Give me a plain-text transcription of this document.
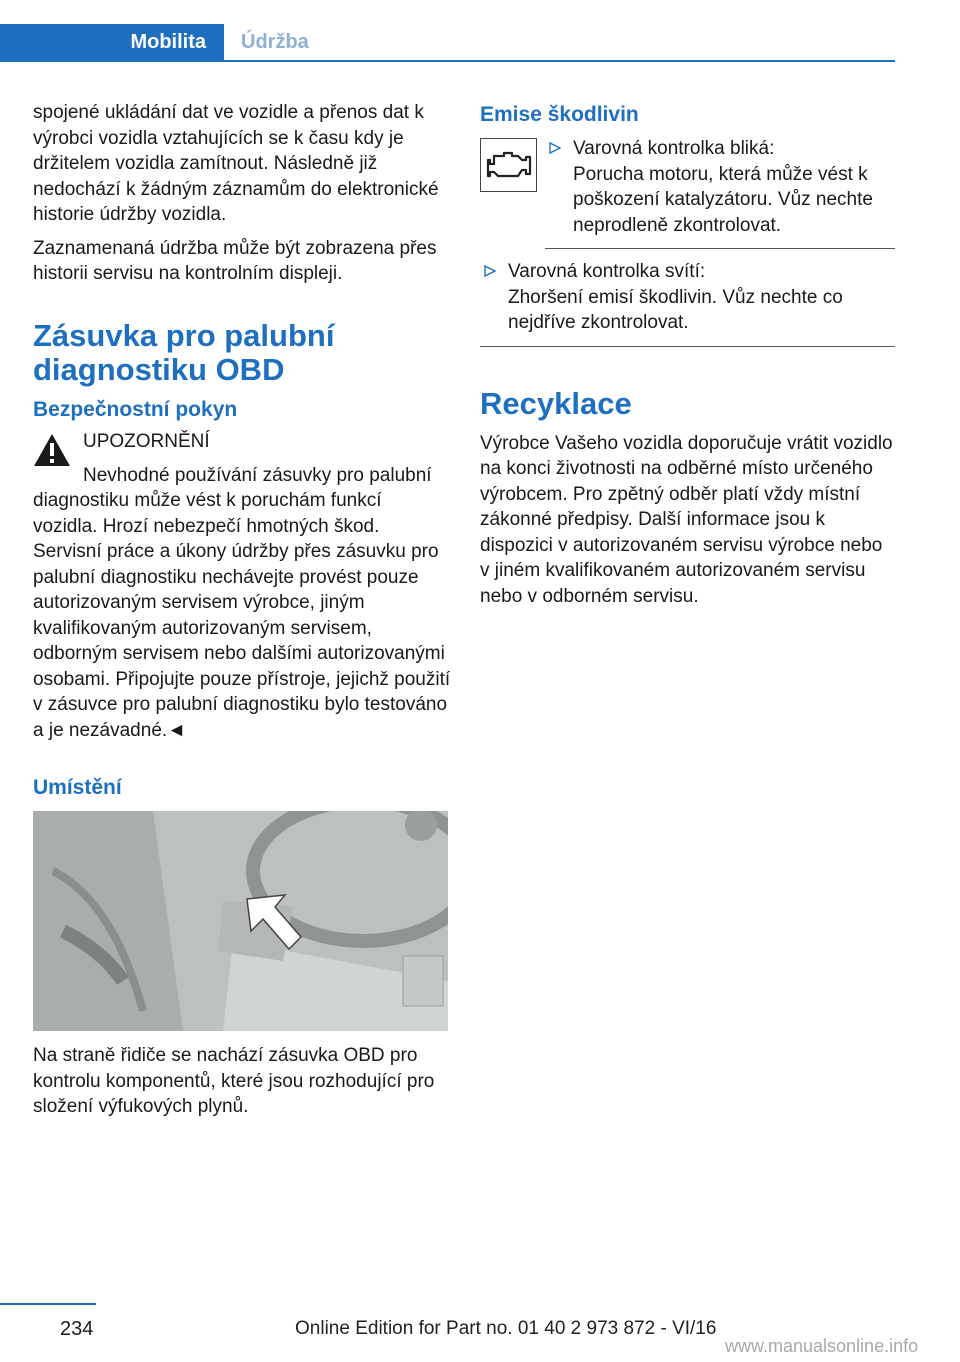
Mobilita	Údržba

spojené ukládání dat ve vozidle a přenos dat k výrobci vozidla vztahujících se k času kdy je držitelem vozidla zamítnout. Následně již nedochází k žádným záznamům do elektronické historie údržby vozidla.

Zaznamenaná údržba může být zobrazena přes historii servisu na kontrolním displeji.

Zásuvka pro palubní diagnostiku OBD
Bezpečnostní pokyn
UPOZORNĚNÍ

Nevhodné používání zásuvky pro palubní diagnostiku může vést k poruchám funkcí vozidla. Hrozí nebezpečí hmotných škod. Servisní práce a úkony údržby přes zásuvku pro palubní diagnostiku nechávejte provést pouze autorizovaným servisem výrobce, jiným kvalifikovaným autorizovaným servisem, odborným servisem nebo dalšími autorizovanými osobami. Připojujte pouze přístroje, jejichž použití v zásuvce pro palubní diagnostiku bylo testováno a je nezávadné.◄

Umístění

Na straně řidiče se nachází zásuvka OBD pro kontrolu komponentů, které jsou rozhodující pro složení výfukových plynů.

Emise škodlivin
Varovná kontrolka bliká:
Porucha motoru, která může vést k poškození katalyzátoru. Vůz nechte neprodleně zkontrolovat.
Varovná kontrolka svítí:
Zhoršení emisí škodlivin. Vůz nechte co nejdříve zkontrolovat.
Recyklace

Výrobce Vašeho vozidla doporučuje vrátit vozidlo na konci životnosti na odběrné místo určeného výrobcem. Pro zpětný odběr platí vždy místní zákonné předpisy. Další informace jsou k dispozici v autorizovaném servisu výrobce nebo v jiném kvalifikovaném autorizovaném servisu nebo v odborném servisu.

234	Online Edition for Part no. 01 40 2 973 872 - VI/16
www.manualsonline.info
